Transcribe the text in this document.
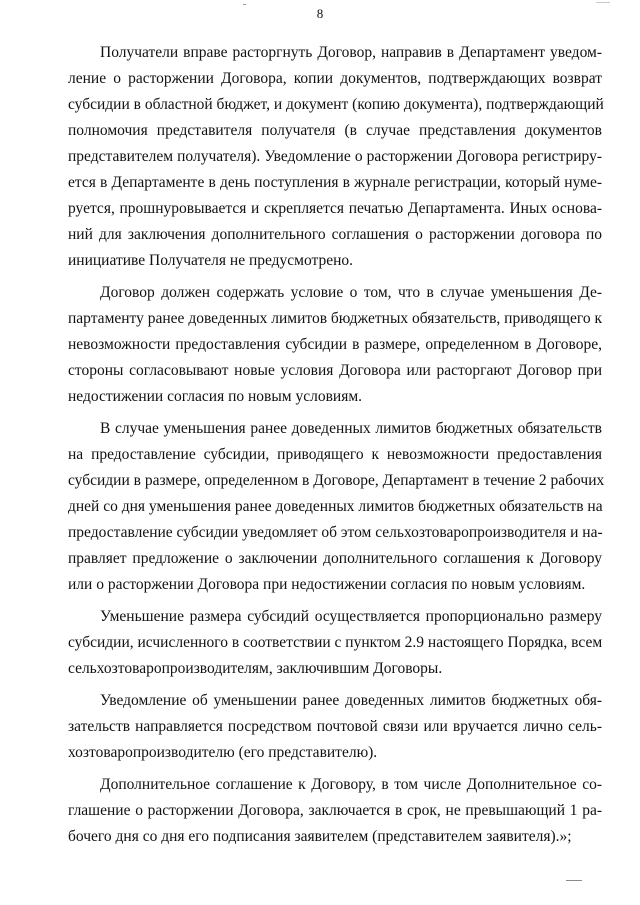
8
Получатели вправе расторгнуть Договор, направив в Департамент уведом-
ление о расторжении Договора, копии документов, подтверждающих возврат
субсидии в областной бюджет, и документ (копию документа), подтверждающий
полномочия представителя получателя (в случае представления документов
представителем получателя). Уведомление о расторжении Договора регистриру-
ется в Департаменте в день поступления в журнале регистрации, который нуме-
руется, прошнуровывается и скрепляется печатью Департамента. Иных основа-
ний для заключения дополнительного соглашения о расторжении договора по
инициативе Получателя не предусмотрено.
Договор должен содержать условие о том, что в случае уменьшения Де-
партаменту ранее доведенных лимитов бюджетных обязательств, приводящего к
невозможности предоставления субсидии в размере, определенном в Договоре,
стороны согласовывают новые условия Договора или расторгают Договор при
недостижении согласия по новым условиям.
В случае уменьшения ранее доведенных лимитов бюджетных обязательств
на предоставление субсидии, приводящего к невозможности предоставления
субсидии в размере, определенном в Договоре, Департамент в течение 2 рабочих
дней со дня уменьшения ранее доведенных лимитов бюджетных обязательств на
предоставление субсидии уведомляет об этом сельхозтоваропроизводителя и на-
правляет предложение о заключении дополнительного соглашения к Договору
или о расторжении Договора при недостижении согласия по новым условиям.
Уменьшение размера субсидий осуществляется пропорционально размеру
субсидии, исчисленного в соответствии с пунктом 2.9 настоящего Порядка, всем
сельхозтоваропроизводителям, заключившим Договоры.
Уведомление об уменьшении ранее доведенных лимитов бюджетных обя-
зательств направляется посредством почтовой связи или вручается лично сель-
хозтоваропроизводителю (его представителю).
Дополнительное соглашение к Договору, в том числе Дополнительное со-
глашение о расторжении Договора, заключается в срок, не превышающий 1 ра-
бочего дня со дня его подписания заявителем (представителем заявителя).»;
